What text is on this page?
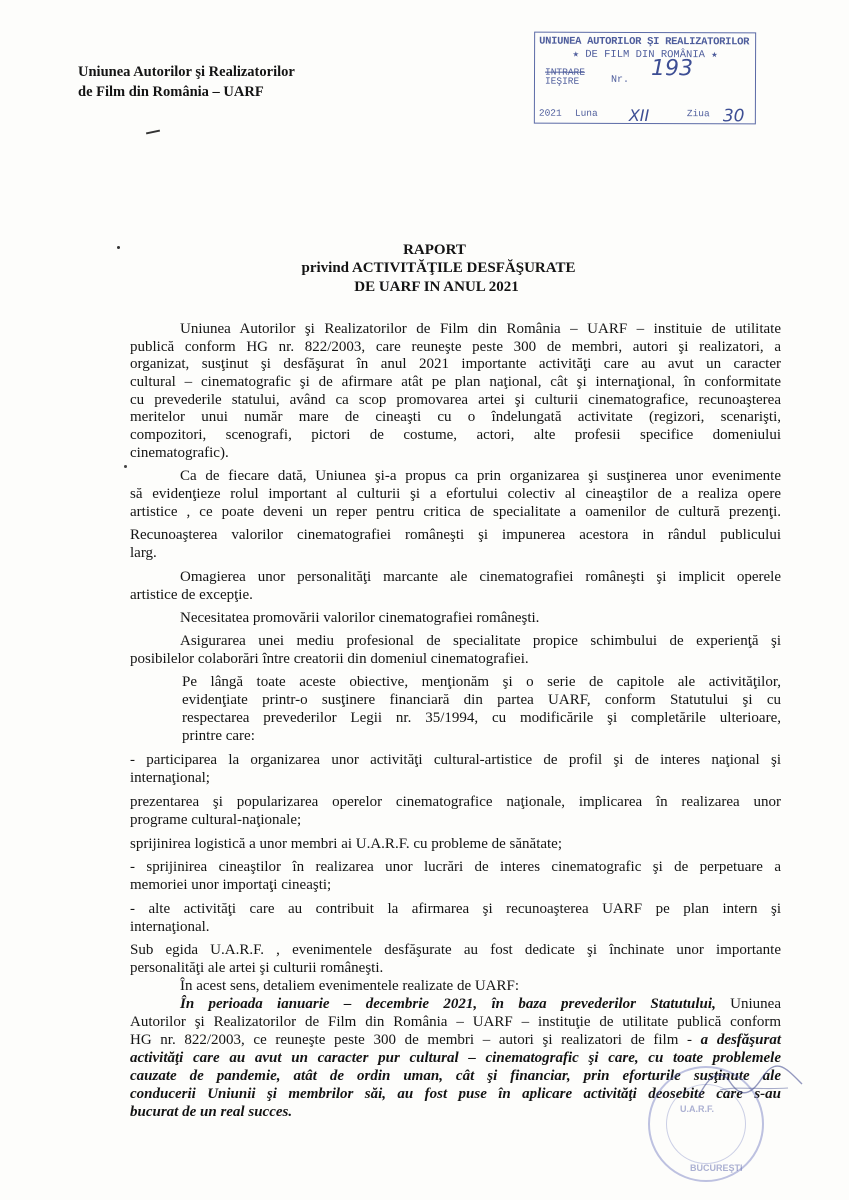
Uniunea Autorilor şi Realizatorilor
de Film din România – UARF
UNIUNEA AUTORILOR ŞI REALIZATORILOR
★ DE FILM DIN ROMÂNIA ★
INTRARE
IEŞIRE	Nr. 193
2021 Luna XII	Ziua 30
RAPORT
privind ACTIVITĂŢILE DESFĂŞURATE
DE UARF IN ANUL 2021
Uniunea Autorilor şi Realizatorilor de Film din România – UARF – instituie de utilitate
publică conform HG nr. 822/2003, care reuneşte peste 300 de membri, autori şi realizatori, a
organizat, susţinut şi desfăşurat în anul 2021 importante activităţi care au avut un caracter
cultural – cinematografic şi de afirmare atât pe plan naţional, cât şi internaţional, în conformitate
cu prevederile statului, având ca scop promovarea artei şi culturii cinematografice, recunoaşterea
meritelor unui număr mare de cineaşti cu o îndelungată activitate (regizori, scenarişti,
compozitori, scenografi, pictori de costume, actori, alte profesii specifice domeniului
cinematografic).
Ca de fiecare dată, Uniunea şi-a propus ca prin organizarea şi susţinerea unor evenimente
să evidenţieze rolul important al culturii şi a efortului colectiv al cineaştilor de a realiza opere
artistice , ce poate deveni un reper pentru critica de specialitate a oamenilor de cultură prezenţi.
Recunoaşterea valorilor cinematografiei româneşti şi impunerea acestora in rândul publicului
larg.
Omagierea unor personalităţi marcante ale cinematografiei româneşti şi implicit operele
artistice de excepţie.
Necesitatea promovării valorilor cinematografiei româneşti.
Asigurarea unei mediu profesional de specialitate propice schimbului de experienţă şi
posibilelor colaborări între creatorii din domeniul cinematografiei.
Pe lângă toate aceste obiective, menţionăm şi o serie de capitole ale activităţilor,
evidenţiate printr-o susţinere financiară din partea UARF, conform Statutului şi cu
respectarea prevederilor Legii nr. 35/1994, cu modificările şi completările ulterioare,
printre care:
- participarea la organizarea unor activităţi cultural-artistice de profil şi de interes naţional şi
internaţional;
prezentarea şi popularizarea operelor cinematografice naţionale, implicarea în realizarea unor
programe cultural-naţionale;
sprijinirea logistică a unor membri ai U.A.R.F. cu probleme de sănătate;
- sprijinirea cineaştilor în realizarea unor lucrări de interes cinematografic şi de perpetuare a
memoriei unor importaţi cineaşti;
- alte activităţi care au contribuit la afirmarea şi recunoaşterea UARF pe plan intern şi
internaţional.
Sub egida U.A.R.F. , evenimentele desfăşurate au fost dedicate şi închinate unor importante
personalităţi ale artei şi culturii româneşti.
În acest sens, detaliem evenimentele realizate de UARF:
În perioada ianuarie – decembrie 2021, în baza prevederilor Statutului, Uniunea
Autorilor şi Realizatorilor de Film din România – UARF – instituţie de utilitate publică conform
HG nr. 822/2003, ce reuneşte peste 300 de membri – autori şi realizatori de film - a desfăşurat
activităţi care au avut un caracter pur cultural – cinematografic şi care, cu toate problemele
cauzate de pandemie, atât de ordin uman, cât şi financiar, prin eforturile susţinute ale
conducerii Uniunii şi membrilor săi, au fost puse în aplicare activităţi deosebite care s-au
bucurat de un real succes.	U.A.R.F.
BUCUREŞTI
